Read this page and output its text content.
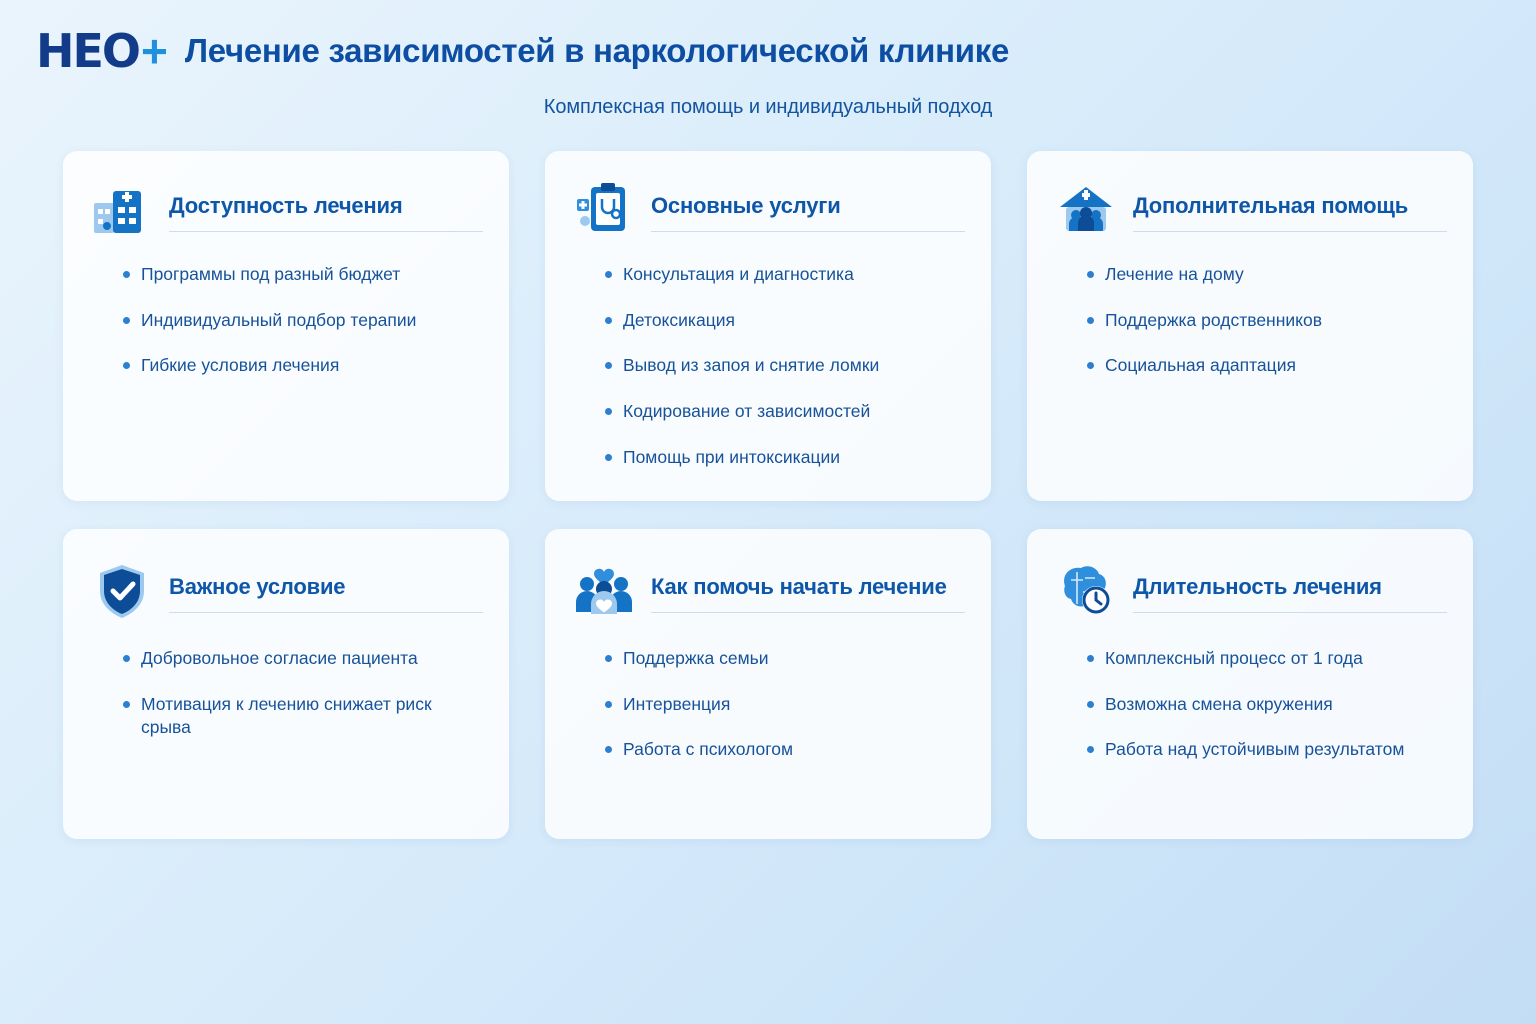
HEO + Лечение зависимостей в наркологической клинике
Комплексная помощь и индивидуальный подход
Доступность лечения
Программы под разный бюджет
Индивидуальный подбор терапии
Гибкие условия лечения
Основные услуги
Консультация и диагностика
Детоксикация
Вывод из запоя и снятие ломки
Кодирование от зависимостей
Помощь при интоксикации
Дополнительная помощь
Лечение на дому
Поддержка родственников
Социальная адаптация
Важное условие
Добровольное согласие пациента
Мотивация к лечению снижает риск срыва
Как помочь начать лечение
Поддержка семьи
Интервенция
Работа с психологом
Длительность лечения
Комплексный процесс от 1 года
Возможна смена окружения
Работа над устойчивым результатом
